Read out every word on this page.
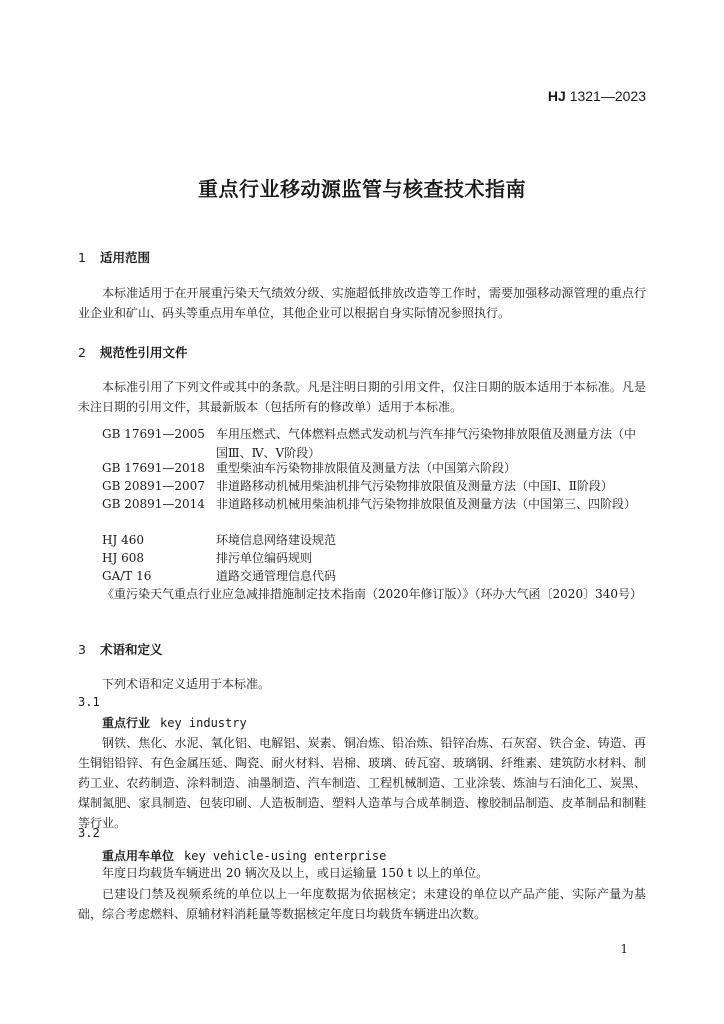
HJ 1321—2023
重点行业移动源监管与核查技术指南
1 适用范围

本标准适用于在开展重污染天气绩效分级、实施超低排放改造等工作时，需要加强移动源管理的重点行业企业和矿山、码头等重点用车单位，其他企业可以根据自身实际情况参照执行。

2 规范性引用文件

本标准引用了下列文件或其中的条款。凡是注明日期的引用文件，仅注日期的版本适用于本标准。凡是未注日期的引用文件，其最新版本（包括所有的修改单）适用于本标准。

GB 17691—2005 车用压燃式、气体燃料点燃式发动机与汽车排气污染物排放限值及测量方法（中国Ⅲ、Ⅳ、Ⅴ阶段）
GB 17691—2018 重型柴油车污染物排放限值及测量方法（中国第六阶段）
GB 20891—2007 非道路移动机械用柴油机排气污染物排放限值及测量方法（中国Ⅰ、Ⅱ阶段）
GB 20891—2014 非道路移动机械用柴油机排气污染物排放限值及测量方法（中国第三、四阶段）
HJ 460	环境信息网络建设规范
HJ 608	排污单位编码规则
GA/T 16	道路交通管理信息代码

《重污染天气重点行业应急减排措施制定技术指南（2020年修订版）》（环办大气函〔2020〕340号）

3 术语和定义

下列术语和定义适用于本标准。

3.1
重点行业 key industry

钢铁、焦化、水泥、氧化铝、电解铝、炭素、铜冶炼、铅冶炼、铅锌冶炼、石灰窑、铁合金、铸造、再生铜铝铅锌、有色金属压延、陶瓷、耐火材料、岩棉、玻璃、砖瓦窑、玻璃钢、纤维素、建筑防水材料、制药工业、农药制造、涂料制造、油墨制造、汽车制造、工程机械制造、工业涂装、炼油与石油化工、炭黑、煤制氮肥、家具制造、包装印刷、人造板制造、塑料人造革与合成革制造、橡胶制品制造、皮革制品和制鞋等行业。

3.2
重点用车单位 key vehicle-using enterprise

年度日均载货车辆进出 20 辆次及以上，或日运输量 150 t 以上的单位。

已建设门禁及视频系统的单位以上一年度数据为依据核定；未建设的单位以产品产能、实际产量为基础，综合考虑燃料、原辅材料消耗量等数据核定年度日均载货车辆进出次数。

1
